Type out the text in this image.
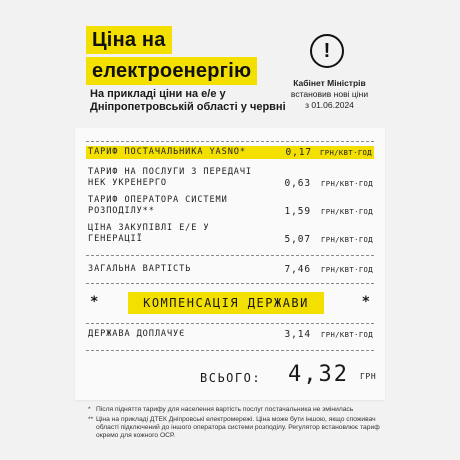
Ціна на
електроенергію
На прикладі ціни на е/е у Дніпропетровській області у червні
!
Кабінет Міністрів
встановив нові ціни
з 01.06.2024
ТАРИФ ПОСТАЧАЛЬНИКА YASNO*	0,17 ГРН/КВТ·ГОД
ТАРИФ НА ПОСЛУГИ З ПЕРЕДАЧІ НЕК УКРЕНЕРГО	0,63 ГРН/КВТ·ГОД
ТАРИФ ОПЕРАТОРА СИСТЕМИ РОЗПОДІЛУ**	1,59 ГРН/КВТ·ГОД
ЦІНА ЗАКУПІВЛІ Е/Е У ГЕНЕРАЦІЇ	5,07 ГРН/КВТ·ГОД
ЗАГАЛЬНА ВАРТІСТЬ	7,46 ГРН/КВТ·ГОД
*	КОМПЕНСАЦІЯ ДЕРЖАВИ	*
ДЕРЖАВА ДОПЛАЧУЄ	3,14 ГРН/КВТ·ГОД
ВСЬОГО:	4,32 ГРН
* Після підняття тарифу для населення вартість послуг постачальника не змінилась
** Ціна на прикладі ДТЕК Дніпровські електромережі. Ціна може бути іншою, якщо споживач області підключений до іншого оператора системи розподілу. Регулятор встановлює тариф окремо для кожного ОСР.
